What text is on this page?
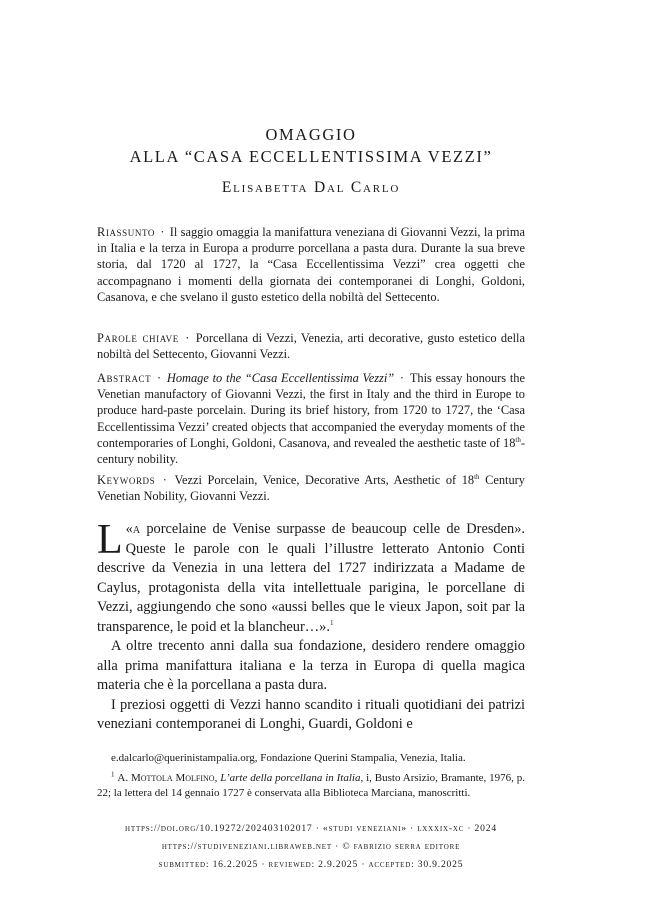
OMAGGIO
ALLA “CASA ECCELLENTISSIMA VEZZI”
Elisabetta Dal Carlo
Riassunto · Il saggio omaggia la manifattura veneziana di Giovanni Vezzi, la prima in Italia e la terza in Europa a produrre porcellana a pasta dura. Durante la sua breve storia, dal 1720 al 1727, la “Casa Eccellentissima Vezzi” crea oggetti che accompagnano i momenti della giornata dei contemporanei di Longhi, Goldoni, Casanova, e che svelano il gusto estetico della nobiltà del Settecento.
Parole chiave · Porcellana di Vezzi, Venezia, arti decorative, gusto estetico della nobiltà del Settecento, Giovanni Vezzi.
Abstract · Homage to the “Casa Eccellentissima Vezzi” · This essay honours the Venetian manufactory of Giovanni Vezzi, the first in Italy and the third in Europe to produce hard-paste porcelain. During its brief history, from 1720 to 1727, the ‘Casa Eccellentissima Vezzi’ created objects that accompanied the everyday moments of the contemporaries of Longhi, Goldoni, Casanova, and revealed the aesthetic taste of 18th-century nobility.
Keywords · Vezzi Porcelain, Venice, Decorative Arts, Aesthetic of 18th Century Venetian Nobility, Giovanni Vezzi.

«
L a porcelaine de Venise surpasse de beaucoup celle de Dresden». Queste le parole con le quali l’illustre letterato Antonio Conti descrive da Venezia in una lettera del 1727 indirizzata a Madame de Caylus, protagonista della vita intellettuale parigina, le porcellane di Vezzi, aggiungendo che sono «aussi belles que le vieux Japon, soit par la transparence, le poid et la blancheur…».$^1$

A oltre trecento anni dalla sua fondazione, desidero rendere omaggio alla prima manifattura italiana e la terza in Europa di quella magica materia che è la porcellana a pasta dura.

I preziosi oggetti di Vezzi hanno scandito i rituali quotidiani dei patrizi veneziani contemporanei di Longhi, Guardi, Goldoni e

e.dalcarlo@querinistampalia.org, Fondazione Querini Stampalia, Venezia, Italia.

$^1$ A. Mottola Molfino, L’arte della porcellana in Italia, i, Busto Arsizio, Bramante, 1976, p. 22; la lettera del 14 gennaio 1727 è conservata alla Biblioteca Marciana, manoscritti.

https://doi.org/10.19272/202403102017 · «studi veneziani» · lxxxix-xc · 2024
https://studiveneziani.libraweb.net · © fabrizio serra editore
submitted: 16.2.2025 · reviewed: 2.9.2025 · accepted: 30.9.2025
